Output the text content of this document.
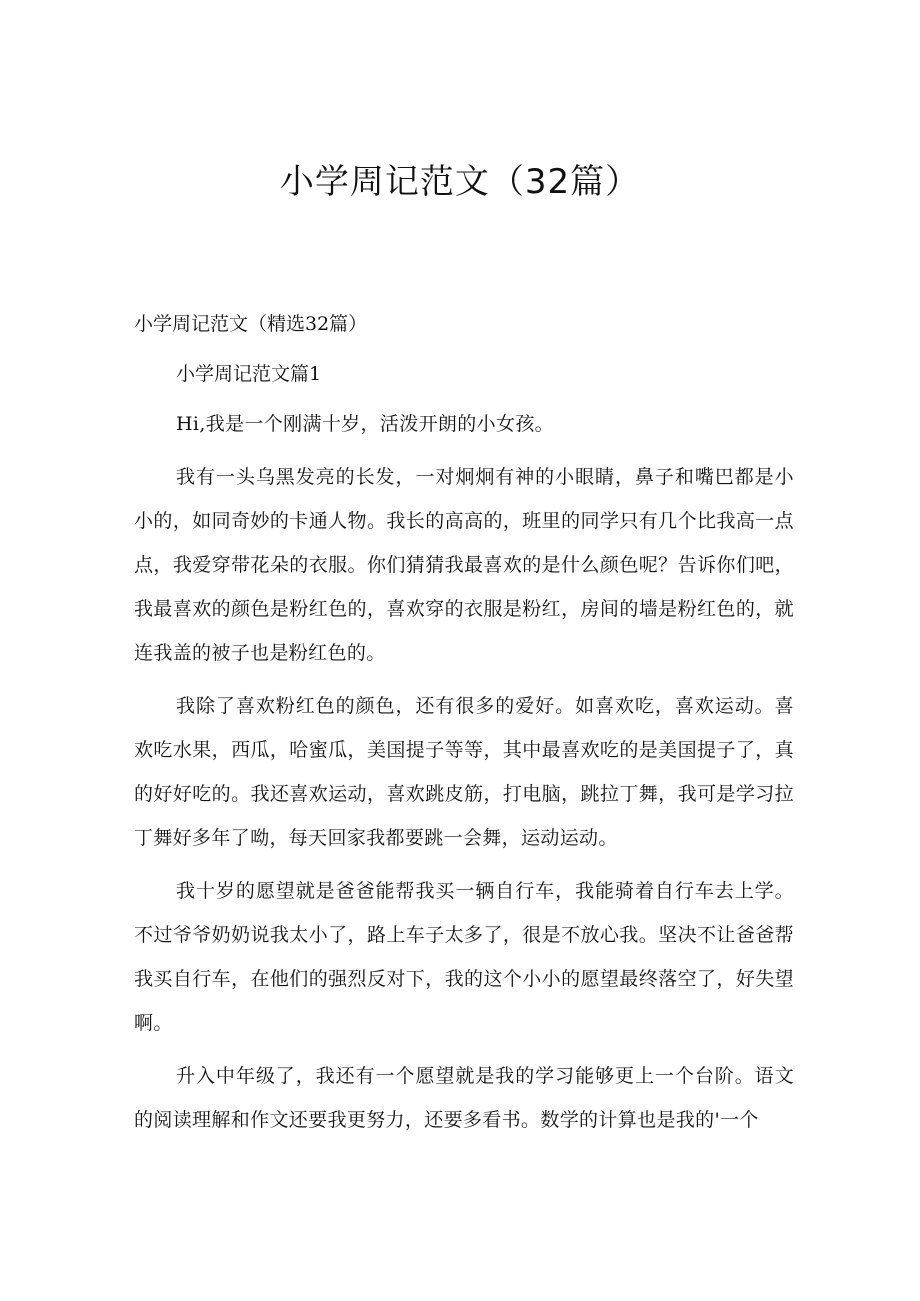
小学周记范文（32篇）

小学周记范文（精选32篇）

小学周记范文篇1

Hi,我是一个刚满十岁，活泼开朗的小女孩。

我有一头乌黑发亮的长发，一对炯炯有神的小眼睛，鼻子和嘴巴都是小小的，如同奇妙的卡通人物。我长的高高的，班里的同学只有几个比我高一点点，我爱穿带花朵的衣服。你们猜猜我最喜欢的是什么颜色呢？告诉你们吧，我最喜欢的颜色是粉红色的，喜欢穿的衣服是粉红，房间的墙是粉红色的，就连我盖的被子也是粉红色的。

我除了喜欢粉红色的颜色，还有很多的爱好。如喜欢吃，喜欢运动。喜欢吃水果，西瓜，哈蜜瓜，美国提子等等，其中最喜欢吃的是美国提子了，真的好好吃的。我还喜欢运动，喜欢跳皮筋，打电脑，跳拉丁舞，我可是学习拉丁舞好多年了呦，每天回家我都要跳一会舞，运动运动。

我十岁的愿望就是爸爸能帮我买一辆自行车，我能骑着自行车去上学。不过爷爷奶奶说我太小了，路上车子太多了，很是不放心我。坚决不让爸爸帮我买自行车，在他们的强烈反对下，我的这个小小的愿望最终落空了，好失望啊。

升入中年级了，我还有一个愿望就是我的学习能够更上一个台阶。语文的阅读理解和作文还要我更努力，还要多看书。数学的计算也是我的'一个
